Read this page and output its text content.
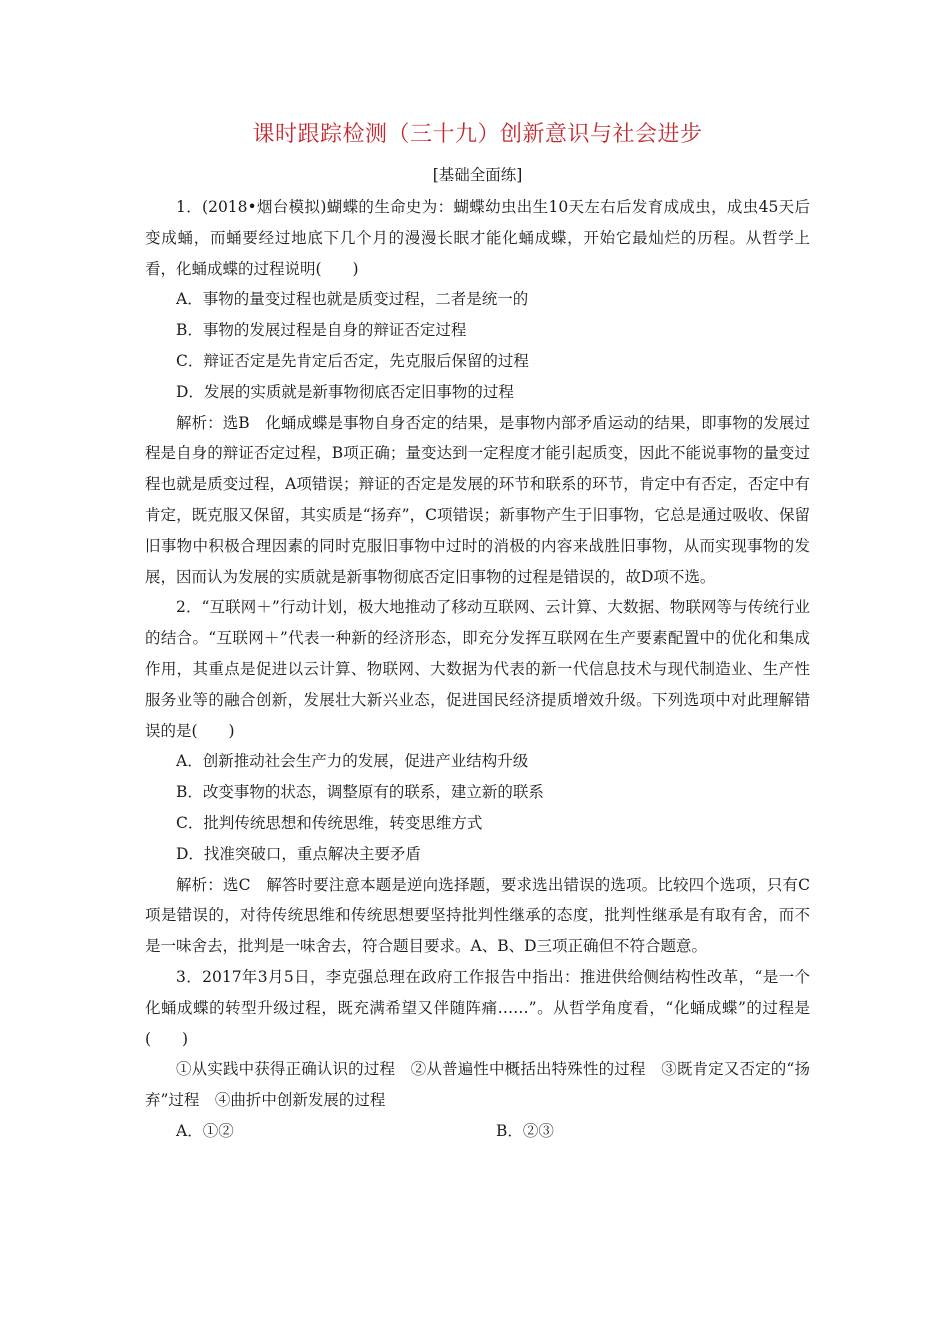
课时跟踪检测（三十九）创新意识与社会进步
[基础全面练]

1．(2018•烟台模拟)蝴蝶的生命史为：蝴蝶幼虫出生10天左右后发育成成虫，成虫45天后变成蛹，而蛹要经过地底下几个月的漫漫长眠才能化蛹成蝶，开始它最灿烂的历程。从哲学上看，化蛹成蝶的过程说明(　　)

A．事物的量变过程也就是质变过程，二者是统一的

B．事物的发展过程是自身的辩证否定过程

C．辩证否定是先肯定后否定，先克服后保留的过程

D．发展的实质就是新事物彻底否定旧事物的过程

解析：选B　化蛹成蝶是事物自身否定的结果，是事物内部矛盾运动的结果，即事物的发展过程是自身的辩证否定过程，B项正确；量变达到一定程度才能引起质变，因此不能说事物的量变过程也就是质变过程，A项错误；辩证的否定是发展的环节和联系的环节，肯定中有否定，否定中有肯定，既克服又保留，其实质是“扬弃”，C项错误；新事物产生于旧事物，它总是通过吸收、保留旧事物中积极合理因素的同时克服旧事物中过时的消极的内容来战胜旧事物，从而实现事物的发展，因而认为发展的实质就是新事物彻底否定旧事物的过程是错误的，故D项不选。

2．“互联网＋”行动计划，极大地推动了移动互联网、云计算、大数据、物联网等与传统行业的结合。“互联网＋”代表一种新的经济形态，即充分发挥互联网在生产要素配置中的优化和集成作用，其重点是促进以云计算、物联网、大数据为代表的新一代信息技术与现代制造业、生产性服务业等的融合创新，发展壮大新兴业态，促进国民经济提质增效升级。下列选项中对此理解错误的是(　　)

A．创新推动社会生产力的发展，促进产业结构升级

B．改变事物的状态，调整原有的联系，建立新的联系

C．批判传统思想和传统思维，转变思维方式

D．找准突破口，重点解决主要矛盾

解析：选C　解答时要注意本题是逆向选择题，要求选出错误的选项。比较四个选项，只有C项是错误的，对待传统思维和传统思想要坚持批判性继承的态度，批判性继承是有取有舍，而不是一味舍去，批判是一味舍去，符合题目要求。A、B、D三项正确但不符合题意。

3．2017年3月5日，李克强总理在政府工作报告中指出：推进供给侧结构性改革，“是一个化蛹成蝶的转型升级过程，既充满希望又伴随阵痛……”。从哲学角度看，“化蛹成蝶”的过程是(　　)

①从实践中获得正确认识的过程　②从普遍性中概括出特殊性的过程　③既肯定又否定的“扬弃”过程　④曲折中创新发展的过程

A．①②	B．②③
